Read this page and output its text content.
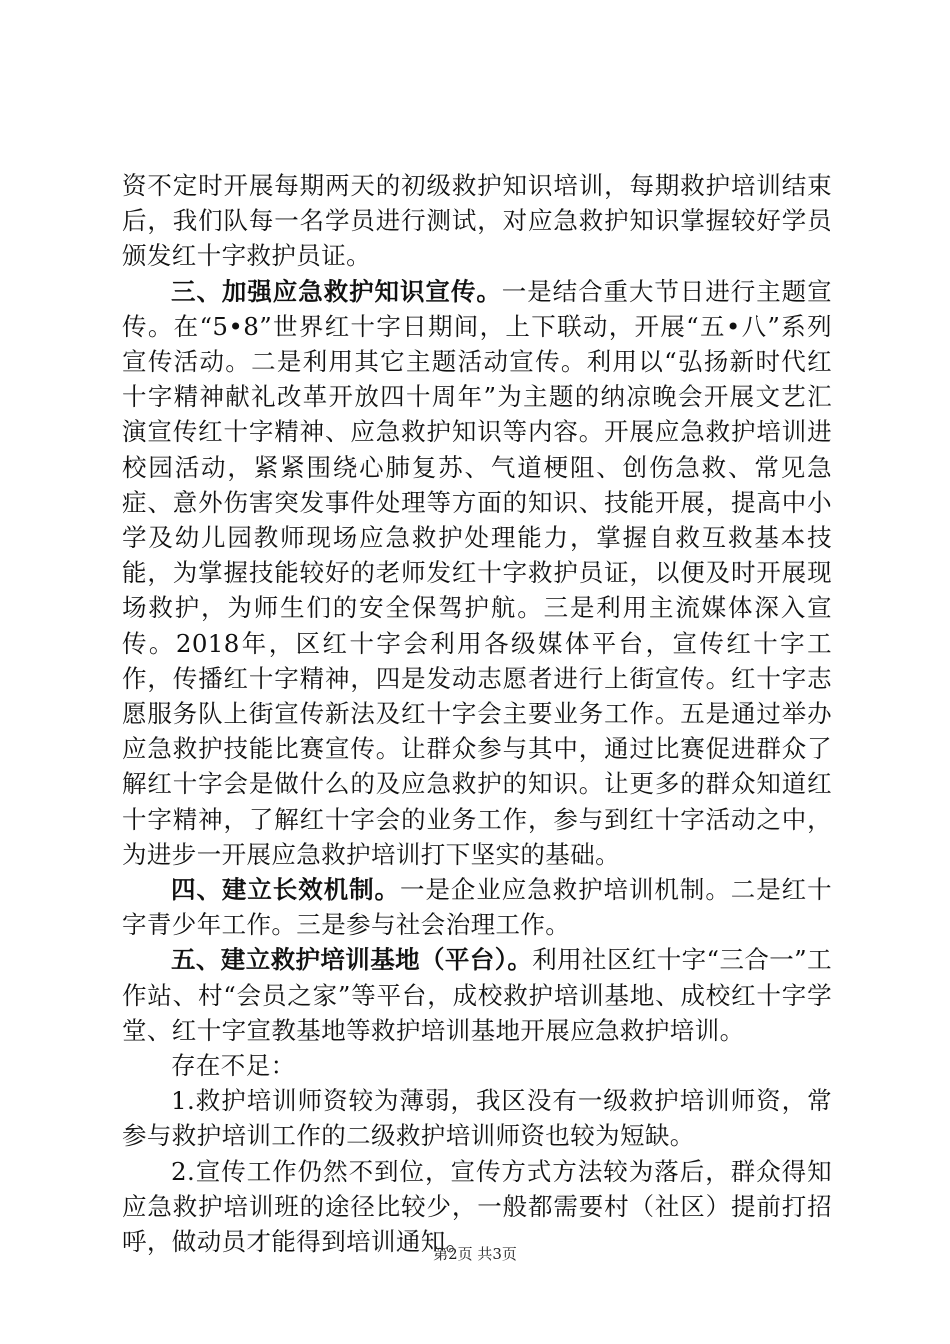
资不定时开展每期两天的初级救护知识培训，每期救护培训结束后，我们队每一名学员进行测试，对应急救护知识掌握较好学员颁发红十字救护员证。

三、加强应急救护知识宣传。一是结合重大节日进行主题宣传。在“5•8”世界红十字日期间，上下联动，开展“五•八”系列宣传活动。二是利用其它主题活动宣传。利用以“弘扬新时代红十字精神献礼改革开放四十周年”为主题的纳凉晚会开展文艺汇演宣传红十字精神、应急救护知识等内容。开展应急救护培训进校园活动，紧紧围绕心肺复苏、气道梗阻、创伤急救、常见急症、意外伤害突发事件处理等方面的知识、技能开展，提高中小学及幼儿园教师现场应急救护处理能力，掌握自救互救基本技能，为掌握技能较好的老师发红十字救护员证，以便及时开展现场救护，为师生们的安全保驾护航。三是利用主流媒体深入宣传。2018年，区红十字会利用各级媒体平台，宣传红十字工作，传播红十字精神，四是发动志愿者进行上街宣传。红十字志愿服务队上街宣传新法及红十字会主要业务工作。五是通过举办应急救护技能比赛宣传。让群众参与其中，通过比赛促进群众了解红十字会是做什么的及应急救护的知识。让更多的群众知道红十字精神，了解红十字会的业务工作，参与到红十字活动之中，为进步一开展应急救护培训打下坚实的基础。

四、建立长效机制。一是企业应急救护培训机制。二是红十字青少年工作。三是参与社会治理工作。

五、建立救护培训基地（平台）。利用社区红十字“三合一”工作站、村“会员之家”等平台，成校救护培训基地、成校红十字学堂、红十字宣教基地等救护培训基地开展应急救护培训。

存在不足：

1.救护培训师资较为薄弱，我区没有一级救护培训师资，常参与救护培训工作的二级救护培训师资也较为短缺。

2.宣传工作仍然不到位，宣传方式方法较为落后，群众得知应急救护培训班的途径比较少，一般都需要村（社区）提前打招呼，做动员才能得到培训通知。

第2页 共3页
